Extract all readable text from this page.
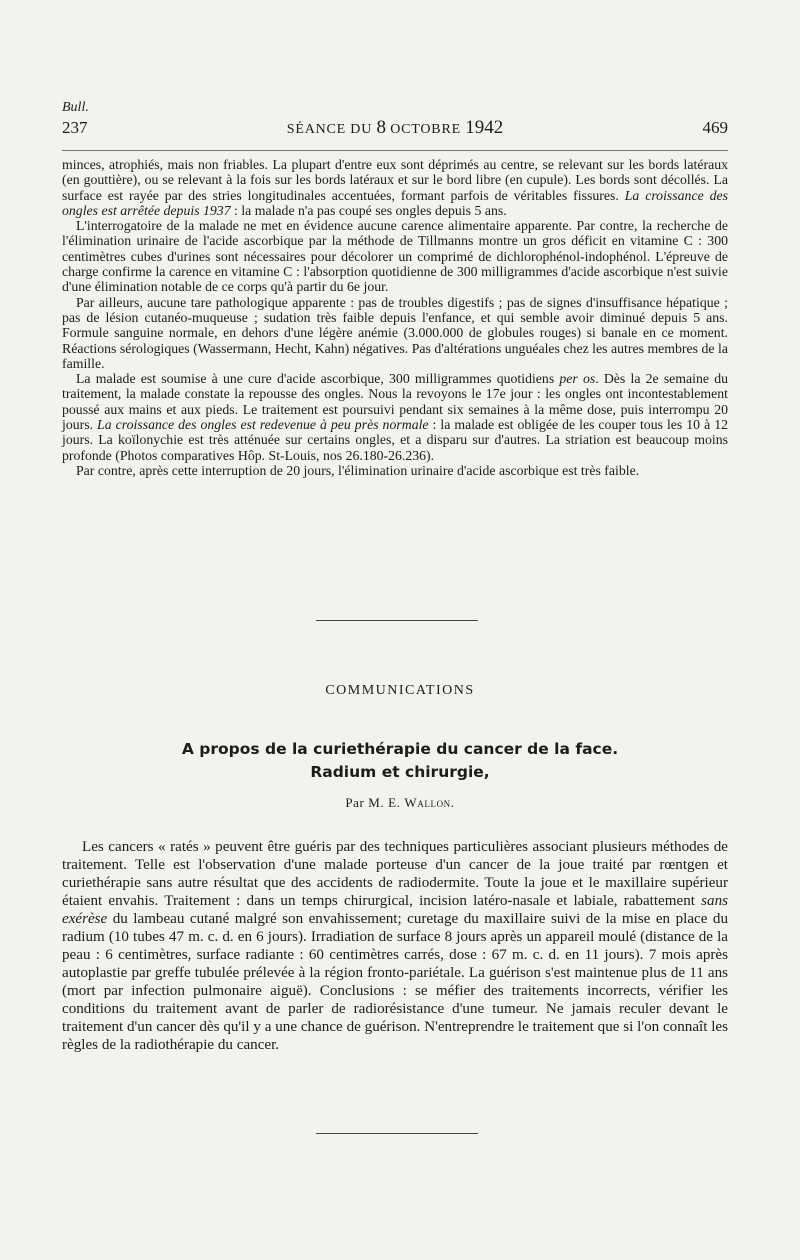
Bull.
237	SÉANCE DU 8 OCTOBRE 1942	469

minces, atrophiés, mais non friables. La plupart d'entre eux sont déprimés au centre, se relevant sur les bords latéraux (en gouttière), ou se relevant à la fois sur les bords latéraux et sur le bord libre (en cupule). Les bords sont décollés. La surface est rayée par des stries longitudinales accentuées, formant parfois de véritables fissures. La croissance des ongles est arrêtée depuis 1937 : la malade n'a pas coupé ses ongles depuis 5 ans.

L'interrogatoire de la malade ne met en évidence aucune carence alimentaire apparente. Par contre, la recherche de l'élimination urinaire de l'acide ascorbique par la méthode de Tillmanns montre un gros déficit en vitamine C : 300 centimètres cubes d'urines sont nécessaires pour décolorer un comprimé de dichlorophénol-indophénol. L'épreuve de charge confirme la carence en vitamine C : l'absorption quotidienne de 300 milligrammes d'acide ascorbique n'est suivie d'une élimination notable de ce corps qu'à partir du 6e jour.

Par ailleurs, aucune tare pathologique apparente : pas de troubles digestifs ; pas de signes d'insuffisance hépatique ; pas de lésion cutanéo-muqueuse ; sudation très faible depuis l'enfance, et qui semble avoir diminué depuis 5 ans. Formule sanguine normale, en dehors d'une légère anémie (3.000.000 de globules rouges) si banale en ce moment. Réactions sérologiques (Wassermann, Hecht, Kahn) négatives. Pas d'altérations unguéales chez les autres membres de la famille.

La malade est soumise à une cure d'acide ascorbique, 300 milligrammes quotidiens per os. Dès la 2e semaine du traitement, la malade constate la repousse des ongles. Nous la revoyons le 17e jour : les ongles ont incontestablement poussé aux mains et aux pieds. Le traitement est poursuivi pendant six semaines à la même dose, puis interrompu 20 jours. La croissance des ongles est redevenue à peu près normale : la malade est obligée de les couper tous les 10 à 12 jours. La koïlonychie est très atténuée sur certains ongles, et a disparu sur d'autres. La striation est beaucoup moins profonde (Photos comparatives Hôp. St-Louis, nos 26.180-26.236).

Par contre, après cette interruption de 20 jours, l'élimination urinaire d'acide ascorbique est très faible.

COMMUNICATIONS
A propos de la curiethérapie du cancer de la face.
Radium et chirurgie,
Par M. E. Wallon.

Les cancers « ratés » peuvent être guéris par des techniques particulières associant plusieurs méthodes de traitement. Telle est l'observation d'une malade porteuse d'un cancer de la joue traité par rœntgen et curiethérapie sans autre résultat que des accidents de radiodermite. Toute la joue et le maxillaire supérieur étaient envahis. Traitement : dans un temps chirurgical, incision latéro-nasale et labiale, rabattement sans exérèse du lambeau cutané malgré son envahissement; curetage du maxillaire suivi de la mise en place du radium (10 tubes 47 m. c. d. en 6 jours). Irradiation de surface 8 jours après un appareil moulé (distance de la peau : 6 centimètres, surface radiante : 60 centimètres carrés, dose : 67 m. c. d. en 11 jours). 7 mois après autoplastie par greffe tubulée prélevée à la région fronto-pariétale. La guérison s'est maintenue plus de 11 ans (mort par infection pulmonaire aiguë). Conclusions : se méfier des traitements incorrects, vérifier les conditions du traitement avant de parler de radiorésistance d'une tumeur. Ne jamais reculer devant le traitement d'un cancer dès qu'il y a une chance de guérison. N'entreprendre le traitement que si l'on connaît les règles de la radiothérapie du cancer.
